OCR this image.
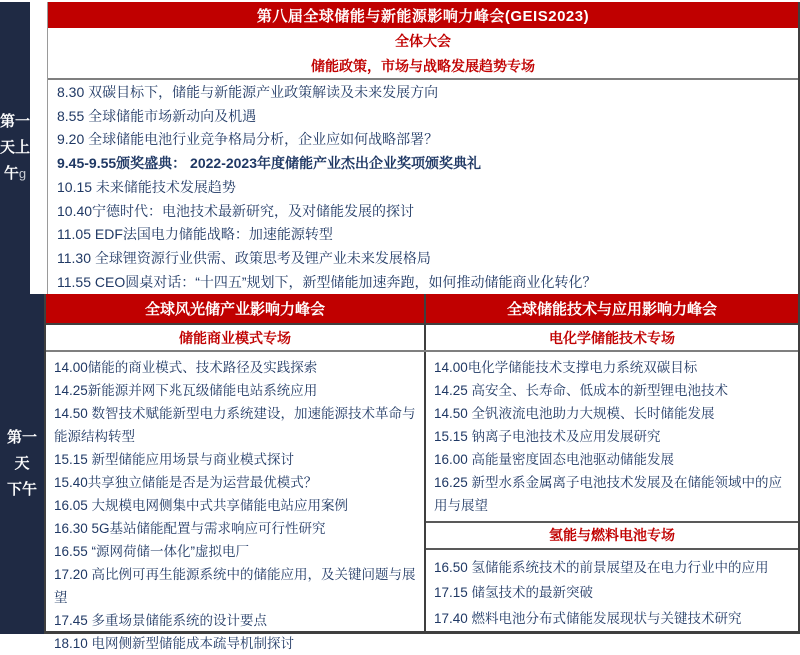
第一
天上
午g
第八届全球储能与新能源影响力峰会(GEIS2023)
全体大会
储能政策，市场与战略发展趋势专场
8.30 双碳目标下，储能与新能源产业政策解读及未来发展方向
8.55 全球储能市场新动向及机遇
9.20 全球储能电池行业竞争格局分析，企业应如何战略部署？
9.45-9.55颁奖盛典： 2022-2023年度储能产业杰出企业奖项颁奖典礼
10.15 未来储能技术发展趋势
10.40宁德时代：电池技术最新研究，及对储能发展的探讨
11.05 EDF法国电力储能战略：加速能源转型
11.30 全球锂资源行业供需、政策思考及锂产业未来发展格局
11.55 CEO圆桌对话：“十四五”规划下，新型储能加速奔跑，如何推动储能商业化转化？
第一
天
下午
全球风光储产业影响力峰会	全球储能技术与应用影响力峰会
储能商业模式专场	电化学储能技术专场
14.00储能的商业模式、技术路径及实践探索
14.25新能源并网下兆瓦级储能电站系统应用
14.50 数智技术赋能新型电力系统建设，加速能源技术革命与能源结构转型
15.15 新型储能应用场景与商业模式探讨
15.40共享独立储能是否是为运营最优模式？
16.05 大规模电网侧集中式共享储能电站应用案例
16.30 5G基站储能配置与需求响应可行性研究
16.55 “源网荷储一体化”虚拟电厂
17.20 高比例可再生能源系统中的储能应用，及关键问题与展望
17.45 多重场景储能系统的设计要点
18.10 电网侧新型储能成本疏导机制探讨
14.00电化学储能技术支撑电力系统双碳目标
14.25 高安全、长寿命、低成本的新型锂电池技术
14.50 全钒液流电池助力大规模、长时储能发展
15.15 钠离子电池技术及应用发展研究
16.00 高能量密度固态电池驱动储能发展
16.25 新型水系金属离子电池技术发展及在储能领域中的应用与展望
氢能与燃料电池专场
16.50 氢储能系统技术的前景展望及在电力行业中的应用
17.15 储氢技术的最新突破
17.40 燃料电池分布式储能发展现状与关键技术研究
